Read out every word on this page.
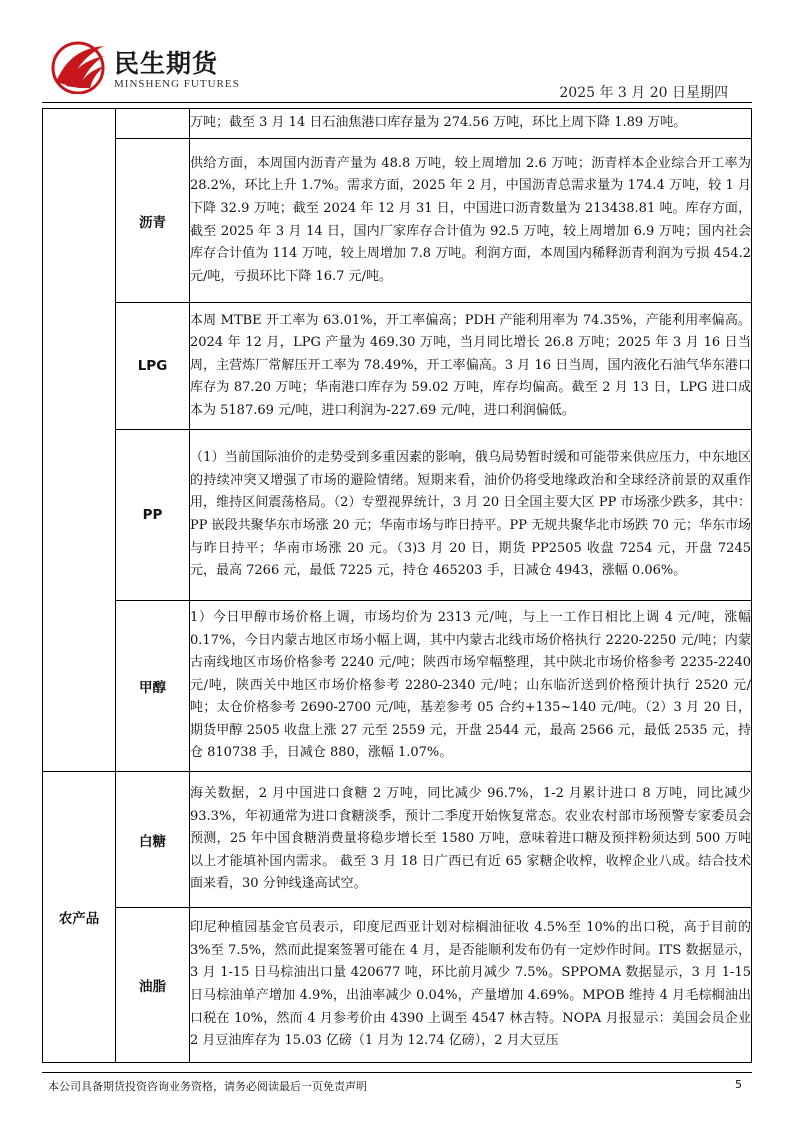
民生期货
MINSHENG FUTURES
2025 年 3 月 20 日星期四
		万吨；截至 3 月 14 日石油焦港口库存量为 274.56 万吨，环比上周下降 1.89 万吨。
	沥青	供给方面，本周国内沥青产量为 48.8 万吨，较上周增加 2.6 万吨；沥青样本企业综合开工率为 28.2%，环比上升 1.7%。需求方面，2025 年 2 月，中国沥青总需求量为 174.4 万吨，较 1 月下降 32.9 万吨；截至 2024 年 12 月 31 日，中国进口沥青数量为 213438.81 吨。库存方面，截至 2025 年 3 月 14 日，国内厂家库存合计值为 92.5 万吨，较上周增加 6.9 万吨；国内社会库存合计值为 114 万吨，较上周增加 7.8 万吨。利润方面，本周国内稀释沥青利润为亏损 454.2 元/吨，亏损环比下降 16.7 元/吨。
	LPG	本周 MTBE 开工率为 63.01%，开工率偏高；PDH 产能利用率为 74.35%，产能利用率偏高。2024 年 12 月，LPG 产量为 469.30 万吨，当月同比增长 26.8 万吨；2025 年 3 月 16 日当周，主营炼厂常解压开工率为 78.49%，开工率偏高。3 月 16 日当周，国内液化石油气华东港口库存为 87.20 万吨；华南港口库存为 59.02 万吨，库存均偏高。截至 2 月 13 日，LPG 进口成本为 5187.69 元/吨，进口利润为-227.69 元/吨，进口利润偏低。
	PP	（1）当前国际油价的走势受到多重因素的影响，俄乌局势暂时缓和可能带来供应压力，中东地区的持续冲突又增强了市场的避险情绪。短期来看，油价仍将受地缘政治和全球经济前景的双重作用，维持区间震荡格局。（2）专塑视界统计，3 月 20 日全国主要大区 PP 市场涨少跌多，其中：PP 嵌段共聚华东市场涨 20 元；华南市场与昨日持平。PP 无规共聚华北市场跌 70 元；华东市场与昨日持平；华南市场涨 20 元。（3)3 月 20 日，期货 PP2505 收盘 7254 元，开盘 7245 元，最高 7266 元，最低 7225 元，持仓 465203 手，日减仓 4943，涨幅 0.06%。
	甲醇	1）今日甲醇市场价格上调，市场均价为 2313 元/吨，与上一工作日相比上调 4 元/吨，涨幅 0.17%，今日内蒙古地区市场小幅上调，其中内蒙古北线市场价格执行 2220-2250 元/吨；内蒙古南线地区市场价格参考 2240 元/吨；陕西市场窄幅整理，其中陕北市场价格参考 2235-2240 元/吨，陕西关中地区市场价格参考 2280-2340 元/吨；山东临沂送到价格预计执行 2520 元/吨；太仓价格参考 2690-2700 元/吨，基差参考 05 合约+135~140 元/吨。（2）3 月 20 日，期货甲醇 2505 收盘上涨 27 元至 2559 元，开盘 2544 元，最高 2566 元，最低 2535 元，持仓 810738 手，日减仓 880，涨幅 1.07%。

农产品	白糖	海关数据，2 月中国进口食糖 2 万吨，同比减少 96.7%，1-2 月累计进口 8 万吨，同比减少 93.3%，年初通常为进口食糖淡季，预计二季度开始恢复常态。农业农村部市场预警专家委员会预测，25 年中国食糖消费量将稳步增长至 1580 万吨，意味着进口糖及预拌粉须达到 500 万吨以上才能填补国内需求。 截至 3 月 18 日广西已有近 65 家糖企收榨，收榨企业八成。结合技术面来看，30 分钟线逢高试空。
	油脂	印尼种植园基金官员表示，印度尼西亚计划对棕榈油征收 4.5%至 10%的出口税，高于目前的 3%至 7.5%，然而此提案签署可能在 4 月，是否能顺利发布仍有一定炒作时间。ITS 数据显示，3 月 1-15 日马棕油出口量 420677 吨，环比前月减少 7.5%。SPPOMA 数据显示，3 月 1-15 日马棕油单产增加 4.9%，出油率减少 0.04%，产量增加 4.69%。MPOB 维持 4 月毛棕榈油出口税在 10%，然而 4 月参考价由 4390 上调至 4547 林吉特。NOPA 月报显示：美国会员企业 2 月豆油库存为 15.03 亿磅（1 月为 12.74 亿磅），2 月大豆压
本公司具备期货投资咨询业务资格，请务必阅读最后一页免责声明	5
